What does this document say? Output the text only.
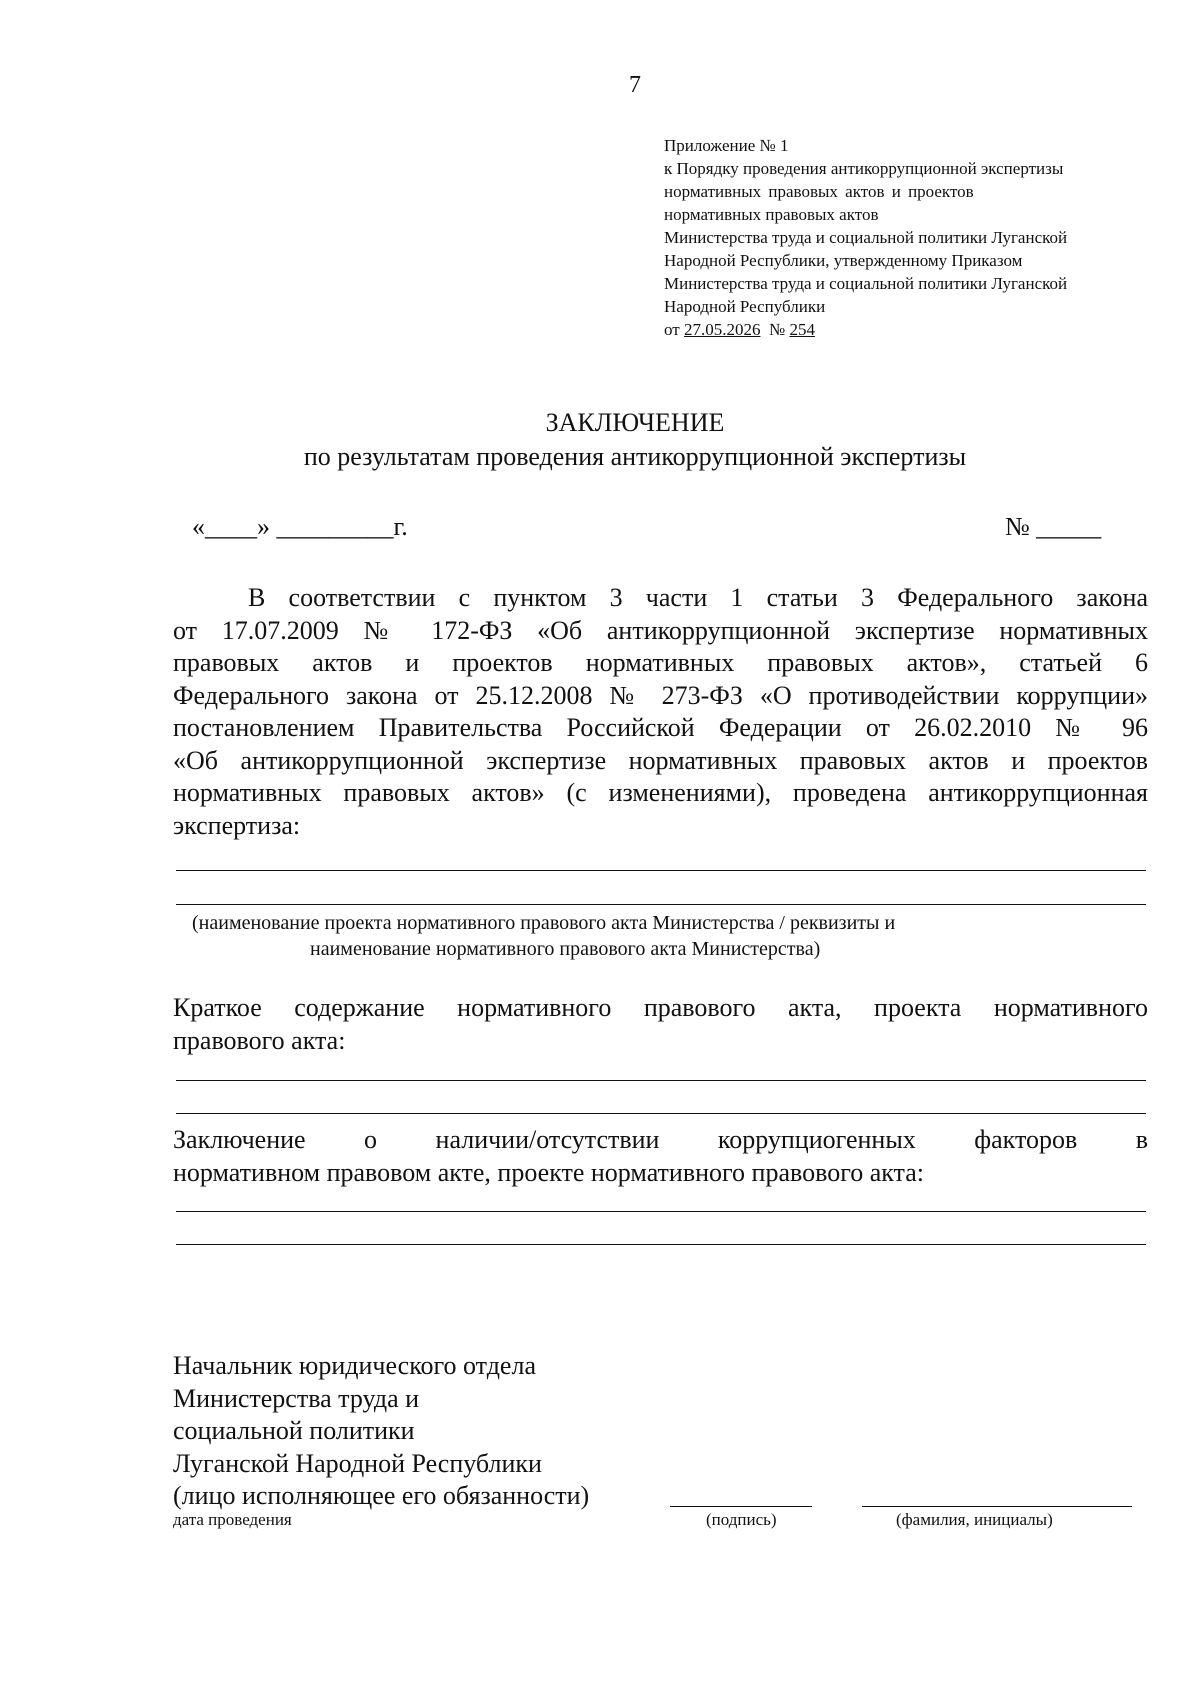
7
Приложение № 1
к Порядку проведения антикоррупционной экспертизы
нормативных правовых актов и проектов
нормативных правовых актов
Министерства труда и социальной политики Луганской
Народной Республики, утвержденному Приказом
Министерства труда и социальной политики Луганской
Народной Республики
от 27.05.2026  № 254
ЗАКЛЮЧЕНИЕ
по результатам проведения антикоррупционной экспертизы
«____» _________г.	№ _____
В соответствии с пунктом 3 части 1 статьи 3 Федерального закона
от 17.07.2009 № 172-ФЗ «Об антикоррупционной экспертизе нормативных
правовых актов и проектов нормативных правовых актов», статьей 6
Федерального закона от 25.12.2008 № 273-ФЗ «О противодействии коррупции»
постановлением Правительства Российской Федерации от 26.02.2010 № 96
«Об антикоррупционной экспертизе нормативных правовых актов и проектов
нормативных правовых актов» (с изменениями), проведена антикоррупционная
экспертиза:
(наименование проекта нормативного правового акта Министерства / реквизиты и
наименование нормативного правового акта Министерства)
Краткое содержание нормативного правового акта, проекта нормативного
правового акта:
Заключение о наличии/отсутствии коррупциогенных факторов в
нормативном правовом акте, проекте нормативного правового акта:
Начальник юридического отдела
Министерства труда и
социальной политики
Луганской Народной Республики
(лицо исполняющее его обязанности)
дата проведения	(подпись)	(фамилия, инициалы)
